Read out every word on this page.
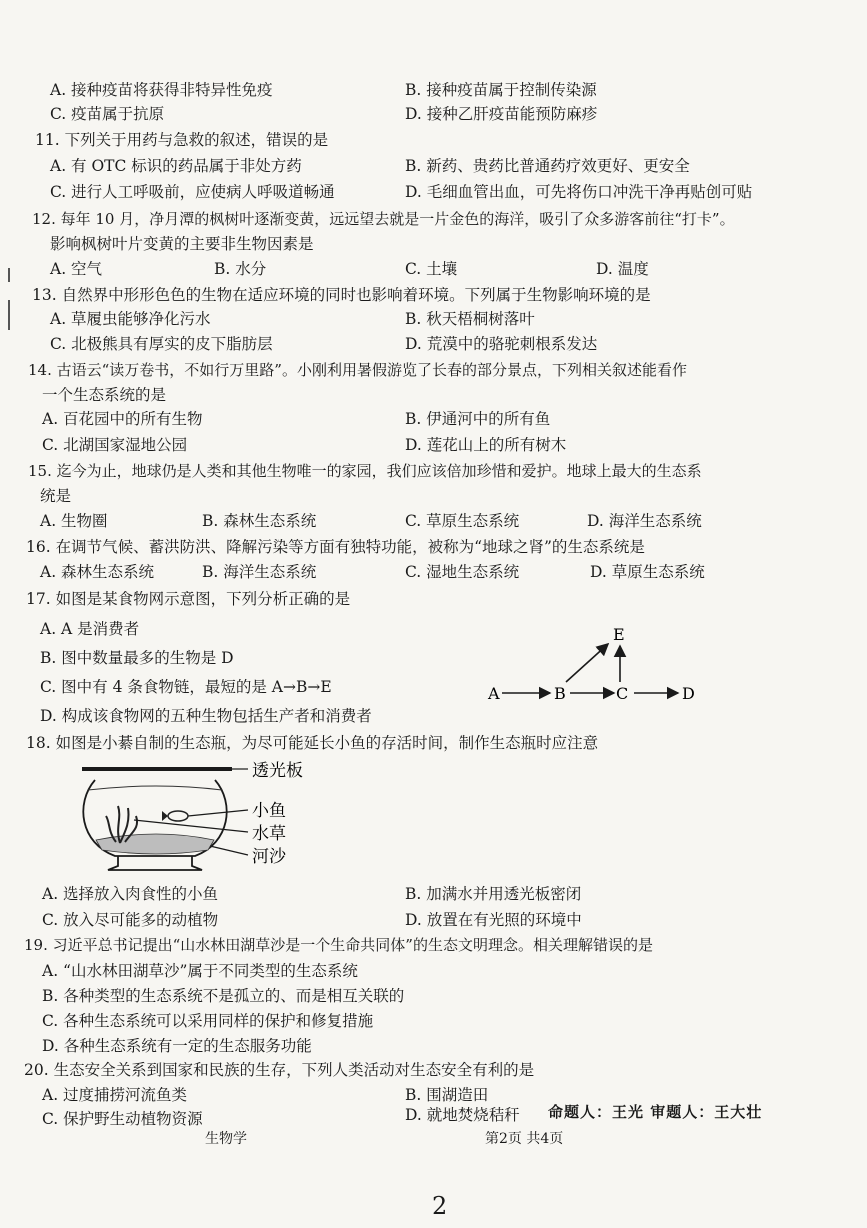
A. 接种疫苗将获得非特异性免疫	B. 接种疫苗属于控制传染源
C. 疫苗属于抗原	D. 接种乙肝疫苗能预防麻疹
11. 下列关于用药与急救的叙述，错误的是
A. 有 OTC 标识的药品属于非处方药	B. 新药、贵药比普通药疗效更好、更安全
C. 进行人工呼吸前，应使病人呼吸道畅通	D. 毛细血管出血，可先将伤口冲洗干净再贴创可贴
12. 每年 10 月，净月潭的枫树叶逐渐变黄，远远望去就是一片金色的海洋，吸引了众多游客前往“打卡”。
影响枫树叶片变黄的主要非生物因素是
A. 空气	B. 水分	C. 土壤	D. 温度
13. 自然界中形形色色的生物在适应环境的同时也影响着环境。下列属于生物影响环境的是
A. 草履虫能够净化污水	B. 秋天梧桐树落叶
C. 北极熊具有厚实的皮下脂肪层	D. 荒漠中的骆驼刺根系发达
14. 古语云“读万卷书，不如行万里路”。小刚利用暑假游览了长春的部分景点，下列相关叙述能看作
一个生态系统的是
A. 百花园中的所有生物	B. 伊通河中的所有鱼
C. 北湖国家湿地公园	D. 莲花山上的所有树木
15. 迄今为止，地球仍是人类和其他生物唯一的家园，我们应该倍加珍惜和爱护。地球上最大的生态系
统是
A. 生物圈	B. 森林生态系统	C. 草原生态系统	D. 海洋生态系统
16. 在调节气候、蓄洪防洪、降解污染等方面有独特功能，被称为“地球之肾”的生态系统是
A. 森林生态系统	B. 海洋生态系统	C. 湿地生态系统	D. 草原生态系统
17. 如图是某食物网示意图，下列分析正确的是
A. A 是消费者
B. 图中数量最多的生物是 D
C. 图中有 4 条食物链，最短的是 A→B→E
D. 构成该食物网的五种生物包括生产者和消费者
A	B	C	D
E
18. 如图是小綦自制的生态瓶，为尽可能延长小鱼的存活时间，制作生态瓶时应注意
透光板
小鱼
水草
河沙
A. 选择放入肉食性的小鱼	B. 加满水并用透光板密闭
C. 放入尽可能多的动植物	D. 放置在有光照的环境中
19. 习近平总书记提出“山水林田湖草沙是一个生命共同体”的生态文明理念。相关理解错误的是
A. “山水林田湖草沙”属于不同类型的生态系统
B. 各种类型的生态系统不是孤立的、而是相互关联的
C. 各种生态系统可以采用同样的保护和修复措施
D. 各种生态系统有一定的生态服务功能
20. 生态安全关系到国家和民族的生存，下列人类活动对生态安全有利的是
A. 过度捕捞河流鱼类	B. 围湖造田
C. 保护野生动植物资源	D. 就地焚烧秸秆 命题人：王光 审题人：王大壮
生物学	第2页 共4页
2
